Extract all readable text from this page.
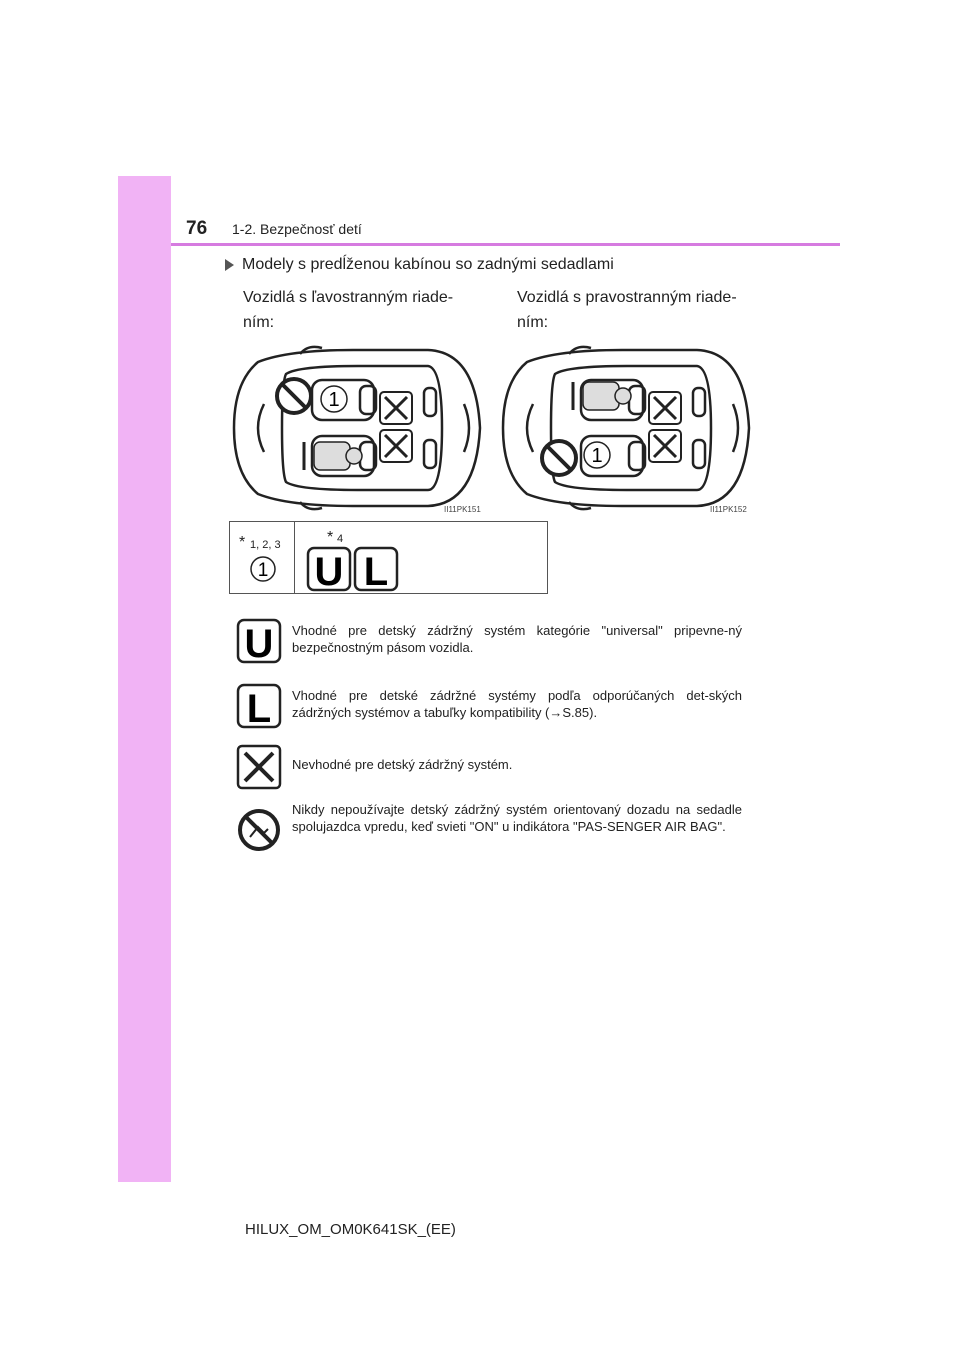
76 1-2. Bezpečnosť detí
Modely s predĺženou kabínou so zadnými sedadlami
Vozidlá s ľavostranným riade-ním:
Vozidlá s pravostranným riade-ním:
1
II11PK151
1
II11PK152
* 1, 2, 3
1
* 4
U L
U Vhodné pre detský zádržný systém kategórie "universal" pripevne-ný bezpečnostným pásom vozidla.
L Vhodné pre detské zádržné systémy podľa odporúčaných det-ských zádržných systémov a tabuľky kompatibility (→S.85).
Nevhodné pre detský zádržný systém.
Nikdy nepoužívajte detský zádržný systém orientovaný dozadu na sedadle spolujazdca vpredu, keď svieti "ON" u indikátora "PAS-SENGER AIR BAG".
HILUX_OM_OM0K641SK_(EE)
